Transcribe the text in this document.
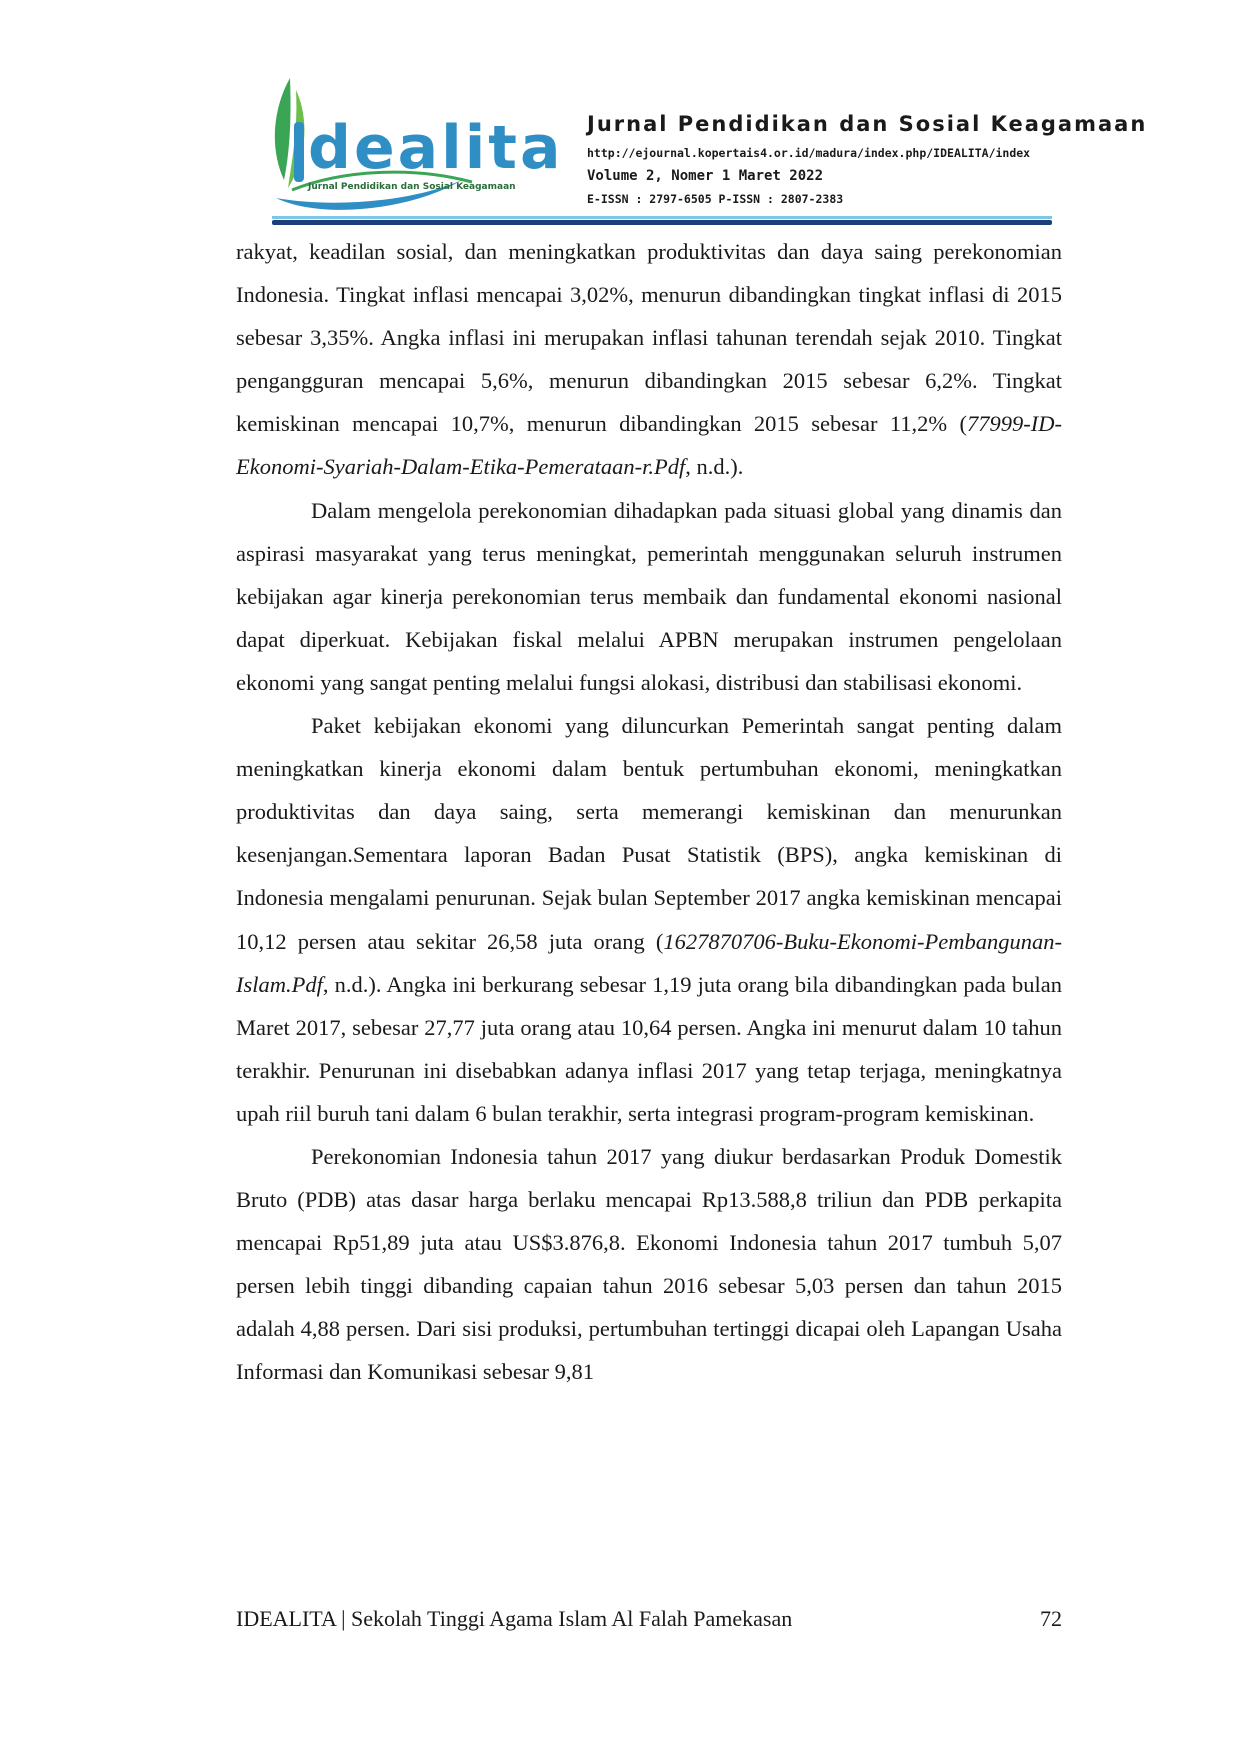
dealita
Jurnal Pendidikan dan Sosial Keagamaan
Jurnal Pendidikan dan Sosial Keagamaan
http://ejournal.kopertais4.or.id/madura/index.php/IDEALITA/index
Volume 2, Nomer 1 Maret 2022
E-ISSN : 2797-6505 P-ISSN : 2807-2383

rakyat, keadilan sosial, dan meningkatkan produktivitas dan daya saing perekonomian Indonesia. Tingkat inflasi mencapai 3,02%, menurun dibandingkan tingkat inflasi di 2015 sebesar 3,35%. Angka inflasi ini merupakan inflasi tahunan terendah sejak 2010. Tingkat pengangguran mencapai 5,6%, menurun dibandingkan 2015 sebesar 6,2%. Tingkat kemiskinan mencapai 10,7%, menurun dibandingkan 2015 sebesar 11,2% (77999-ID-Ekonomi-Syariah-Dalam-Etika-Pemerataan-r.Pdf, n.d.).

Dalam mengelola perekonomian dihadapkan pada situasi global yang dinamis dan aspirasi masyarakat yang terus meningkat, pemerintah menggunakan seluruh instrumen kebijakan agar kinerja perekonomian terus membaik dan fundamental ekonomi nasional dapat diperkuat. Kebijakan fiskal melalui APBN merupakan instrumen pengelolaan ekonomi yang sangat penting melalui fungsi alokasi, distribusi dan stabilisasi ekonomi.

Paket kebijakan ekonomi yang diluncurkan Pemerintah sangat penting dalam meningkatkan kinerja ekonomi dalam bentuk pertumbuhan ekonomi, meningkatkan produktivitas dan daya saing, serta memerangi kemiskinan dan menurunkan kesenjangan.Sementara laporan Badan Pusat Statistik (BPS), angka kemiskinan di Indonesia mengalami penurunan. Sejak bulan September 2017 angka kemiskinan mencapai 10,12 persen atau sekitar 26,58 juta orang (1627870706-Buku-Ekonomi-Pembangunan-Islam.Pdf, n.d.). Angka ini berkurang sebesar 1,19 juta orang bila dibandingkan pada bulan Maret 2017, sebesar 27,77 juta orang atau 10,64 persen. Angka ini menurut dalam 10 tahun terakhir. Penurunan ini disebabkan adanya inflasi 2017 yang tetap terjaga, meningkatnya upah riil buruh tani dalam 6 bulan terakhir, serta integrasi program-program kemiskinan.

Perekonomian Indonesia tahun 2017 yang diukur berdasarkan Produk Domestik Bruto (PDB) atas dasar harga berlaku mencapai Rp13.588,8 triliun dan PDB perkapita mencapai Rp51,89 juta atau US$3.876,8. Ekonomi Indonesia tahun 2017 tumbuh 5,07 persen lebih tinggi dibanding capaian tahun 2016 sebesar 5,03 persen dan tahun 2015 adalah 4,88 persen. Dari sisi produksi, pertumbuhan tertinggi dicapai oleh Lapangan Usaha Informasi dan Komunikasi sebesar 9,81

IDEALITA | Sekolah Tinggi Agama Islam Al Falah Pamekasan	72
